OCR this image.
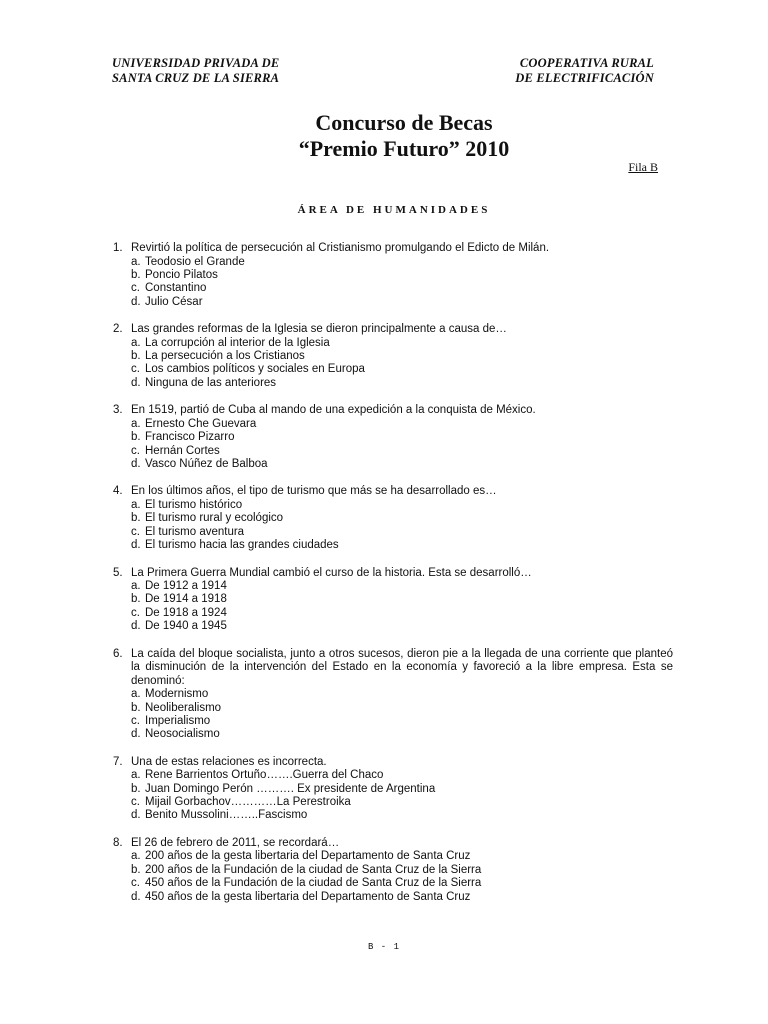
UNIVERSIDAD PRIVADA DE
SANTA CRUZ DE LA SIERRA
COOPERATIVA RURAL
DE ELECTRIFICACIÓN
Concurso de Becas
“Premio Futuro” 2010
Fila B
ÁREA DE HUMANIDADES
1. Revirtió la política de persecución al Cristianismo promulgando el Edicto de Milán.
a. Teodosio el Grande
b. Poncio Pilatos
c. Constantino
d. Julio César
2. Las grandes reformas de la Iglesia se dieron principalmente a causa de…
a. La corrupción al interior de la Iglesia
b. La persecución a los Cristianos
c. Los cambios políticos y sociales en Europa
d. Ninguna de las anteriores
3. En 1519, partió de Cuba al mando de una expedición a la conquista de México.
a. Ernesto Che Guevara
b. Francisco Pizarro
c. Hernán Cortes
d. Vasco Núñez de Balboa
4. En los últimos años, el tipo de turismo que más se ha desarrollado es…
a. El turismo histórico
b. El turismo rural y ecológico
c. El turismo aventura
d. El turismo hacia las grandes ciudades
5. La Primera Guerra Mundial cambió el curso de la historia. Esta se desarrolló…
a. De 1912 a 1914
b. De 1914 a 1918
c. De 1918 a 1924
d. De 1940 a 1945
6. La caída del bloque socialista, junto a otros sucesos, dieron pie a la llegada de una corriente que planteó la disminución de la intervención del Estado en la economía y favoreció a la libre empresa. Esta se denominó:
a. Modernismo
b. Neoliberalismo
c. Imperialismo
d. Neosocialismo
7. Una de estas relaciones es incorrecta.
a. Rene Barrientos Ortuño…….Guerra del Chaco
b. Juan Domingo Perón ………. Ex presidente de Argentina
c. Mijail Gorbachov…………La Perestroika
d. Benito Mussolini……..Fascismo
8. El 26 de febrero de 2011, se recordará…
a. 200 años de la gesta libertaria del Departamento de Santa Cruz
b. 200 años de la Fundación de la ciudad de Santa Cruz de la Sierra
c. 450 años de la Fundación de la ciudad de Santa Cruz de la Sierra
d. 450 años de la gesta libertaria del Departamento de Santa Cruz
B - 1
